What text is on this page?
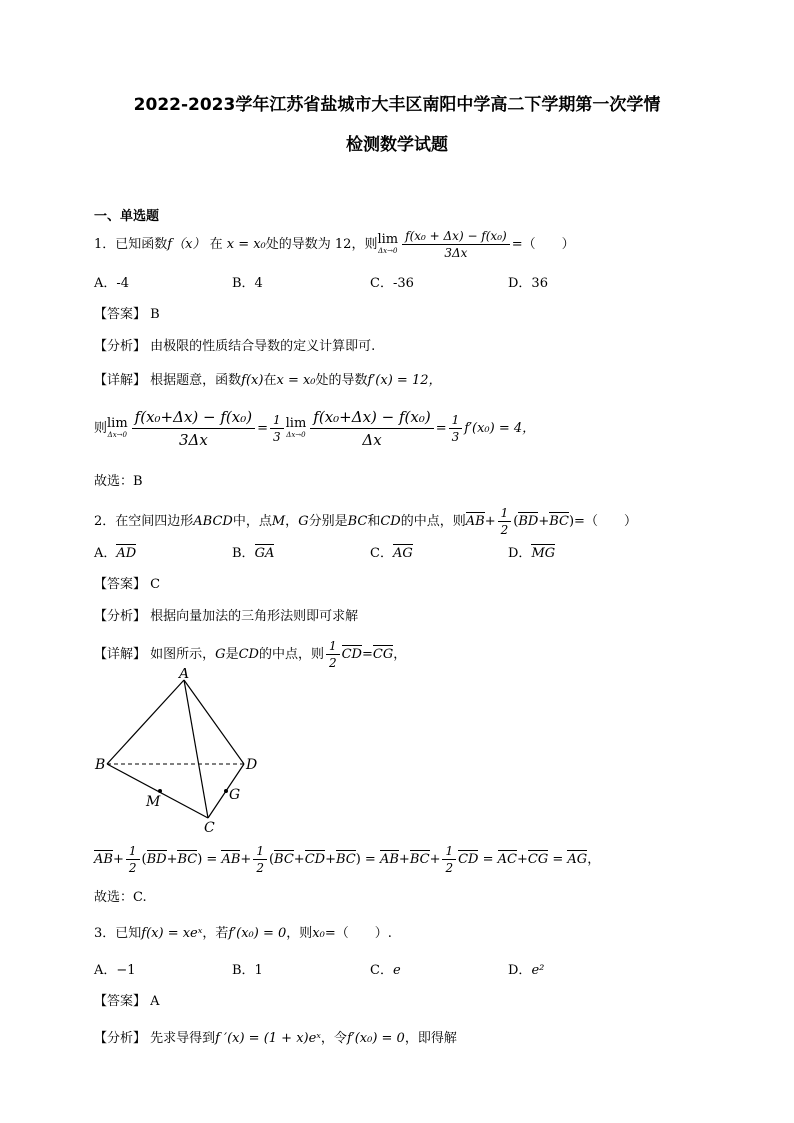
2022-2023学年江苏省盐城市大丰区南阳中学高二下学期第一次学情
检测数学试题
一、单选题
1．已知函数f（x） 在 x = x₀处的导数为 12，则 lim
$\Delta x\to 0 \frac{\text{f(x₀ + Δx) − f(x₀)}}{3\Delta x}$ =（　　）
A．-4	B．4	C．-36	D．36
【答案】 B
【分析】 由极限的性质结合导数的定义计算即可.
【详解】 根据题意，函数f(x)在x = x₀处的导数f′(x) = 12，
则 lim
$\Delta x\to 0 \frac{\text{f(x₀+Δx) − f(x₀)}}{3\Delta x} = \frac{1}{3}$ lim
$\Delta x\to 0 \frac{\text{f(x₀+Δx) − f(x₀)}}{\Delta x} = \frac{1}{3} f'(x_0) = 4$，
故选：B
2．在空间四边形ABCD中，点M，G分别是BC和CD的中点，则$AB+ \frac{1}{2} (BD+BC)=$（　　）
A．AD	B．GA	C．AG	D．MG
【答案】 C
【分析】 根据向量加法的三角形法则即可求解
【详解】 如图所示，G是CD的中点，则 $\frac{1}{2} CD=CG$，
A
B
C
D
M	G
$AB+ \frac{1}{2} (BD+BC) = AB+ \frac{1}{2} (BC+CD+BC) = AB+BC+ \frac{1}{2}$ CD = AC+CG = AG，
故选：C.
3．已知f(x) = xeˣ，若f′(x₀) = 0，则x₀=（　　）.
A．−1	B．1	C．e	D．e²
【答案】 A
【分析】 先求导得到f ′(x) = (1 + x)eˣ，令f′(x₀) = 0，即得解
